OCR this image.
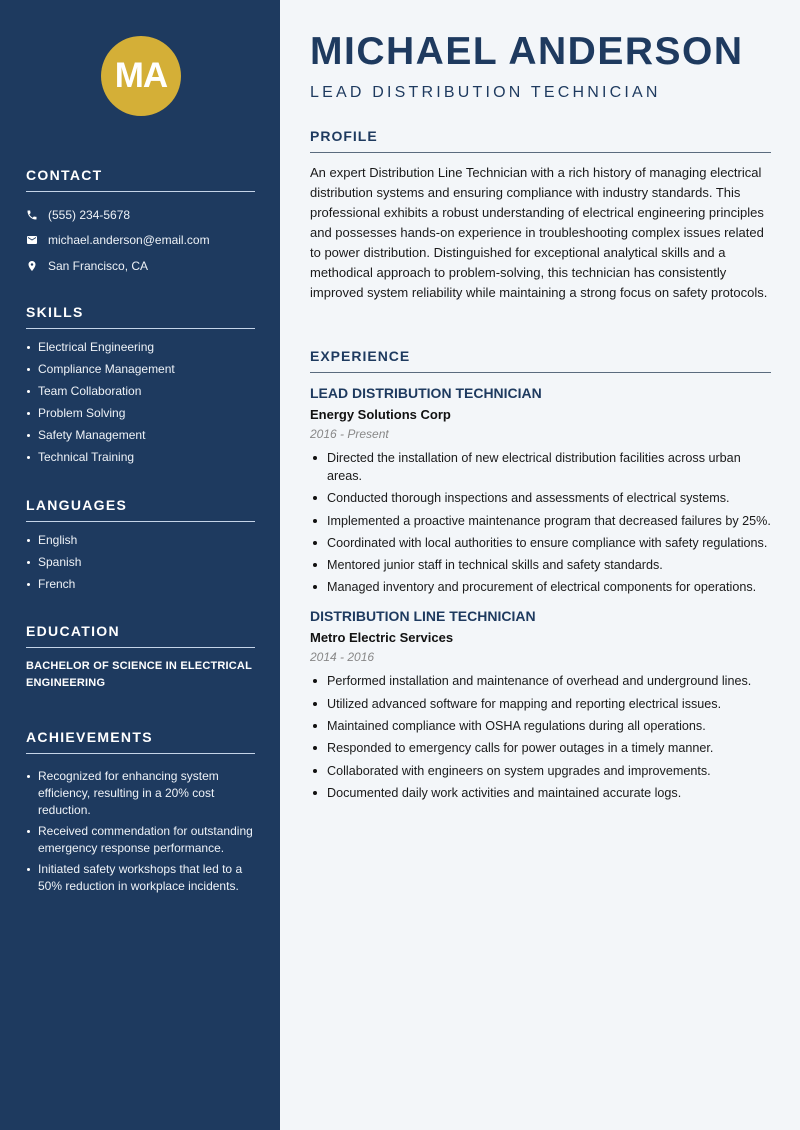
MA
CONTACT
(555) 234-5678
michael.anderson@email.com
San Francisco, CA
SKILLS
Electrical Engineering
Compliance Management
Team Collaboration
Problem Solving
Safety Management
Technical Training
LANGUAGES
English
Spanish
French
EDUCATION
BACHELOR OF SCIENCE IN ELECTRICAL ENGINEERING
ACHIEVEMENTS
Recognized for enhancing system efficiency, resulting in a 20% cost reduction.
Received commendation for outstanding emergency response performance.
Initiated safety workshops that led to a 50% reduction in workplace incidents.
MICHAEL ANDERSON
LEAD DISTRIBUTION TECHNICIAN
PROFILE

An expert Distribution Line Technician with a rich history of managing electrical distribution systems and ensuring compliance with industry standards. This professional exhibits a robust understanding of electrical engineering principles and possesses hands-on experience in troubleshooting complex issues related to power distribution. Distinguished for exceptional analytical skills and a methodical approach to problem-solving, this technician has consistently improved system reliability while maintaining a strong focus on safety protocols.

EXPERIENCE
LEAD DISTRIBUTION TECHNICIAN
Energy Solutions Corp
2016 - Present
Directed the installation of new electrical distribution facilities across urban areas.
Conducted thorough inspections and assessments of electrical systems.
Implemented a proactive maintenance program that decreased failures by 25%.
Coordinated with local authorities to ensure compliance with safety regulations.
Mentored junior staff in technical skills and safety standards.
Managed inventory and procurement of electrical components for operations.
DISTRIBUTION LINE TECHNICIAN
Metro Electric Services
2014 - 2016
Performed installation and maintenance of overhead and underground lines.
Utilized advanced software for mapping and reporting electrical issues.
Maintained compliance with OSHA regulations during all operations.
Responded to emergency calls for power outages in a timely manner.
Collaborated with engineers on system upgrades and improvements.
Documented daily work activities and maintained accurate logs.
